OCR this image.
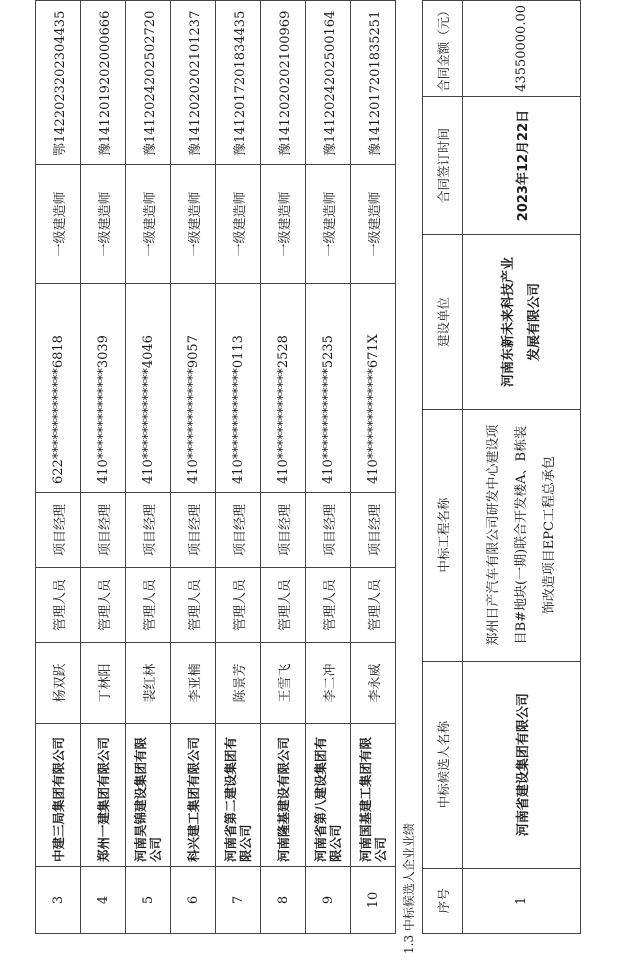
3	中建三局集团有限公司	杨双跃	管理人员	项目经理	622**************6818	一级建造师	鄂1422023202304435
4	郑州一建集团有限公司	丁林阳	管理人员	项目经理	410**************3039	一级建造师	豫1412019202000666
5	河南昊锦建设集团有限公司	裴红林	管理人员	项目经理	410**************4046	一级建造师	豫1412024202502720
6	科兴建工集团有限公司	李亚楠	管理人员	项目经理	410**************9057	一级建造师	豫1412020202101237
7	河南省第二建设集团有限公司	陈景芳	管理人员	项目经理	410**************0113	一级建造师	豫1412017201834435
8	河南隆基建设有限公司	王雪飞	管理人员	项目经理	410**************2528	一级建造师	豫1412020202100969
9	河南省第八建设集团有限公司	李二冲	管理人员	项目经理	410**************5235	一级建造师	豫1412024202500164
10	河南国基建工集团有限公司	李永威	管理人员	项目经理	410**************671X	一级建造师	豫1412017201835251
1.3 中标候选人企业业绩 序号	中标候选人名称	中标工程名称	建设单位	合同签订时间	合同金额（元）
1	河南省建设集团有限公司	郑州日产汽车有限公司研发中心建设项目B#地块(一期)联合开发楼A、B栋装饰改造项目EPC工程总承包	河南东新未来科技产业发展有限公司	2023年12月22日	43550000.00
